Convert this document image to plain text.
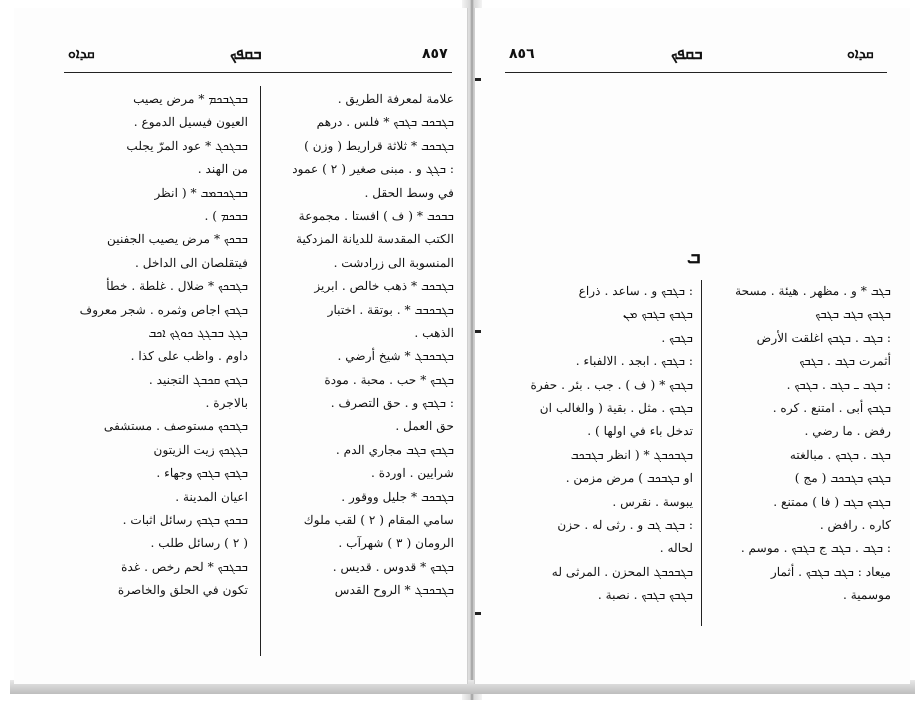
ܩܕܐܘ	ܒܩܦܟ	٨٥٧
ܒܒܓܒܟܡ * مرض يصيب
العيون فيسيل الدموع .
ܒܒܓܟܓ * عود المرّ يجلب
من الهند .
ܒܒܓܟܒܡܒ * ( انظر
ܒܒܟܡ ) .
ܒܒܟܟ * مرض يصيب الجفنين
فيتقلصان الى الداخل .
ܒܓܒܟܟ * ضلال . غلطة . خطأ
ܒܓܒܟ اجاص وثمره . شجر معروف
ܒܓܓ ܒܒܓܓ ܟܘܓܟ ܐܟܒ
داوم . واظب على كذا .
ܒܓܒܟ ܩܟܒܓ التجنيد .
بالاجرة .
ܒܓܒܟܟ مستوصف . مستشفى
ܒܓܓܟܟ زيت الزيتون
ܒܓܒܟ ܒܓܒܟ وجهاء .
اعيان المدينة .
ܒܒܟܟ ܒܓܒܟ رسائل اثبات .
( ٢ ) رسائل طلب .
ܒܒܓܒܟ * لحم رخص . غدة
تكون في الحلق والخاصرة
علامة لمعرفة الطريق .
ܒܓܒܟܒ ܒܓܒܟ * فلس . درهم
ܒܓܒܟܒ * ثلاثة قراريط ( وزن )
: ܒܓܓ و . مبنى صغير ( ٢ ) عمود
في وسط الحقل .
ܒܒܟܒ * ( ف ) افستا . مجموعة
الكتب المقدسة للديانة المزدكية
المنسوبة الى زرادشت .
ܒܓܒܟܒ * ذهب خالص . ابريز
ܒܓܒܟܒܒ * . بوتقة . اختبار
الذهب .
ܒܓܒܟܒܓ * شيخ أرضي .
ܒܓܒܟ * حب . محبة . مودة
: ܒܓܒܟ و . حق التصرف .
حق العمل .
ܒܓܒܟ ܒܓܒ مجاري الدم .
شرايين . اوردة .
ܒܓܒܟܒ * جليل ووقور .
سامي المقام ( ٢ ) لقب ملوك
الرومان ( ٣ ) شهرآب .
ܒܓܒܟ * قدوس . قديس .
ܒܓܒܟܒܓ * الروح القدس
٨٥٦	ܒܩܦܟ	ܩܕܐܘ
ܒ
: ܒܓܒܟ و . ساعد . ذراع
ܒܓܒܟ ܒܓܒܟ ܡܢ
ܒܓܒܟ .
: ܒܓܒܟ . ابجد . الالفباء .
ܒܓܒܟ * ( ف ) . جب . بئر . حفرة
ܒܓܒܟ . مثل . بقية ( والغالب ان
تدخل باء في اولها ) .
ܒܓܒܟܒܓ * ( انظر ܒܓܒܟܒ
او ܒܓܒܟܒ ) مرض مزمن .
يبوسة . نقرس .
: ܒܓܒ ܓܒ و . رثى له . حزن
لحاله .
ܒܓܒܟܒܓ المحزن . المرثى له
ܒܓܒܟ ܒܓܒܟ . نصبة .
ܒܓܒ * و . مظهر . هيئة . مسحة
ܒܓܒܟ ܒܓܒ ܒܓܒܟ
: ܒܓܒ . ܒܓܒܟ اغلقت الأرض
أثمرت ܒܓܒ . ܒܓܒܟ
: ܒܓܒ ـ ܒܓܒ . ܒܓܒܟ .
ܒܓܒܟ أبى . امتنع . كره .
رفض . ما رضي .
ܒܓܒ . ܒܓܒܟ . مبالغته
ܒܓܒܟ ܒܓܒܟܒ ( مج )
ܒܓܒܟ ܒܓܒ ( فا ) ممتنع .
كاره . رافض .
: ܒܓܒ . ܒܓܒ ج ܒܓܒܟ . موسم .
ميعاد : ܒܓܒ ܒܓܒܟ . أثمار
موسمية .
